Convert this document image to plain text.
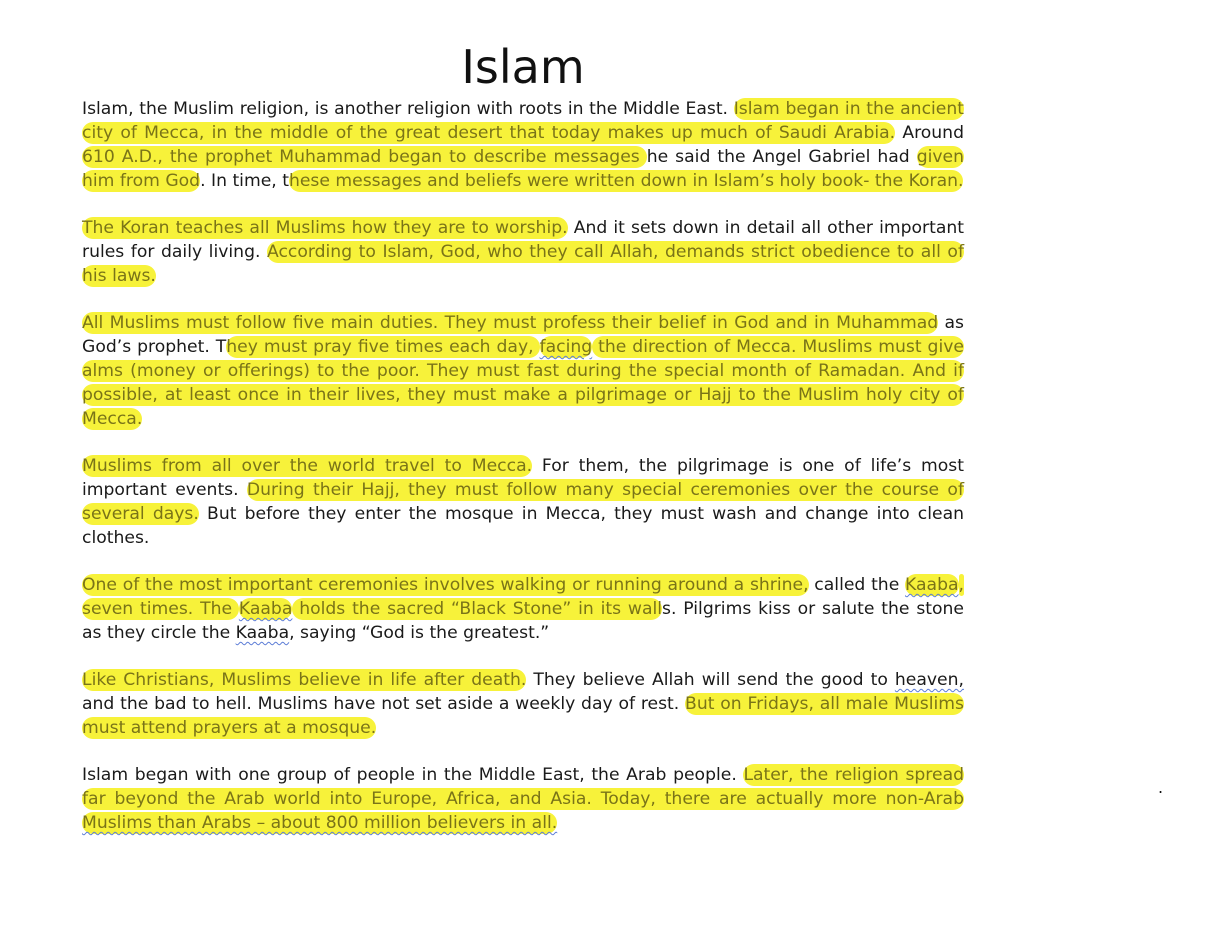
Islam

Islam, the Muslim religion, is another religion with roots in the Middle East. Islam began in the ancient city of Mecca, in the middle of the great desert that today makes up much of Saudi Arabia. Around 610 A.D., the prophet Muhammad began to describe messages he said the Angel Gabriel had given him from God. In time, these messages and beliefs were written down in Islam’s holy book- the Koran.

The Koran teaches all Muslims how they are to worship. And it sets down in detail all other important rules for daily living. According to Islam, God, who they call Allah, demands strict obedience to all of his laws.

All Muslims must follow five main duties. They must profess their belief in God and in Muhammad as God’s prophet. They must pray five times each day, facing the direction of Mecca. Muslims must give alms (money or offerings) to the poor. They must fast during the special month of Ramadan. And if possible, at least once in their lives, they must make a pilgrimage or Hajj to the Muslim holy city of Mecca.

Muslims from all over the world travel to Mecca. For them, the pilgrimage is one of life’s most important events. During their Hajj, they must follow many special ceremonies over the course of several days. But before they enter the mosque in Mecca, they must wash and change into clean clothes.

One of the most important ceremonies involves walking or running around a shrine, called the Kaaba, seven times. The Kaaba holds the sacred “Black Stone” in its walls. Pilgrims kiss or salute the stone as they circle the Kaaba, saying “God is the greatest.”

Like Christians, Muslims believe in life after death. They believe Allah will send the good to heaven, and the bad to hell. Muslims have not set aside a weekly day of rest. But on Fridays, all male Muslims must attend prayers at a mosque.

Islam began with one group of people in the Middle East, the Arab people. Later, the religion spread far beyond the Arab world into Europe, Africa, and Asia. Today, there are actually more non-Arab Muslims than Arabs – about 800 million believers in all.

.
